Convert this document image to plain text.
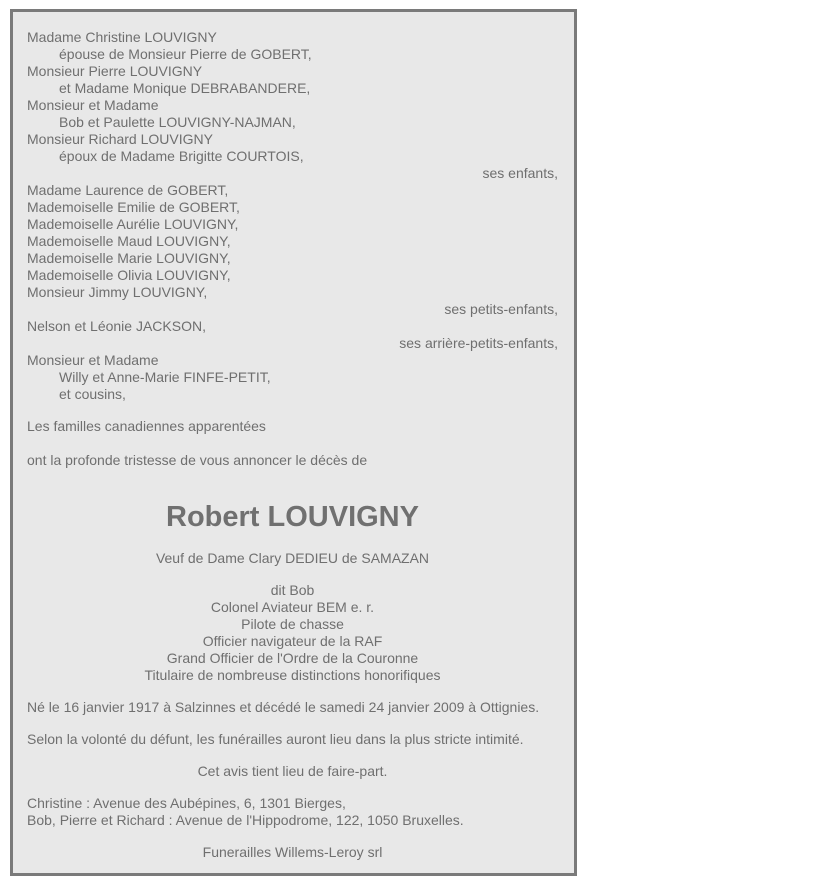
Madame Christine LOUVIGNY
épouse de Monsieur Pierre de GOBERT,
Monsieur Pierre LOUVIGNY
et Madame Monique DEBRABANDERE,
Monsieur et Madame
Bob et Paulette LOUVIGNY-NAJMAN,
Monsieur Richard LOUVIGNY
époux de Madame Brigitte COURTOIS,
ses enfants,
Madame Laurence de GOBERT,
Mademoiselle Emilie de GOBERT,
Mademoiselle Aurélie LOUVIGNY,
Mademoiselle Maud LOUVIGNY,
Mademoiselle Marie LOUVIGNY,
Mademoiselle Olivia LOUVIGNY,
Monsieur Jimmy LOUVIGNY,
ses petits-enfants,
Nelson et Léonie JACKSON,
ses arrière-petits-enfants,
Monsieur et Madame
Willy et Anne-Marie FINFE-PETIT,
et cousins,
Les familles canadiennes apparentées
ont la profonde tristesse de vous annoncer le décès de
Robert LOUVIGNY
Veuf de Dame Clary DEDIEU de SAMAZAN
dit Bob
Colonel Aviateur BEM e. r.
Pilote de chasse
Officier navigateur de la RAF
Grand Officier de l'Ordre de la Couronne
Titulaire de nombreuse distinctions honorifiques
Né le 16 janvier 1917 à Salzinnes et décédé le samedi 24 janvier 2009 à Ottignies.
Selon la volonté du défunt, les funérailles auront lieu dans la plus stricte intimité.
Cet avis tient lieu de faire-part.
Christine : Avenue des Aubépines, 6, 1301 Bierges,
Bob, Pierre et Richard : Avenue de l'Hippodrome, 122, 1050 Bruxelles.
Funerailles Willems-Leroy srl
